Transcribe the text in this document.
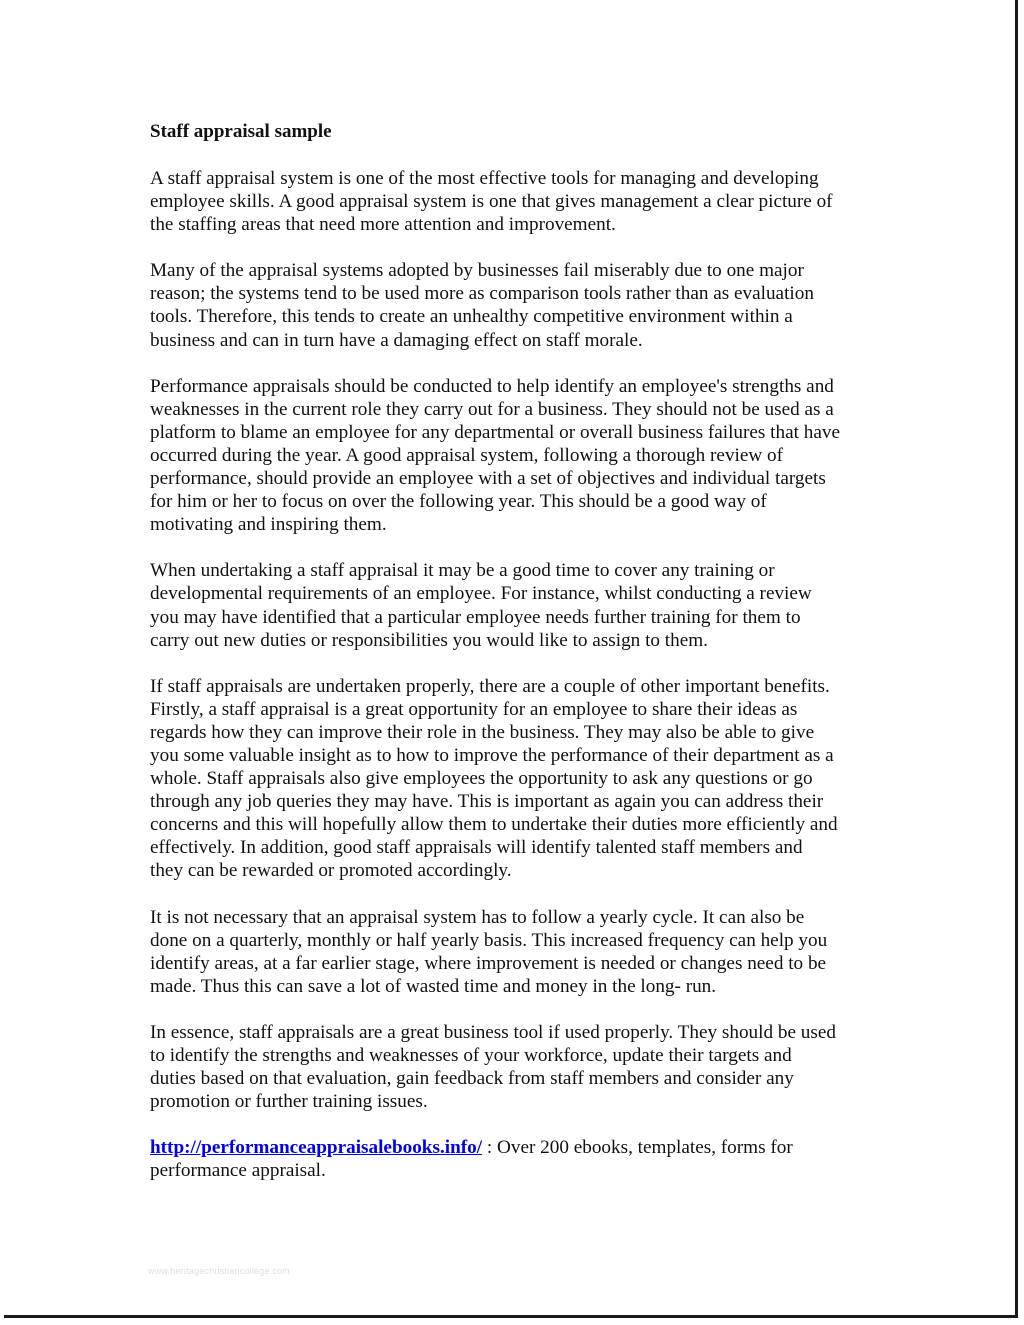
Staff appraisal sample

A staff appraisal system is one of the most effective tools for managing and developing
employee skills. A good appraisal system is one that gives management a clear picture of
the staffing areas that need more attention and improvement.

Many of the appraisal systems adopted by businesses fail miserably due to one major
reason; the systems tend to be used more as comparison tools rather than as evaluation
tools. Therefore, this tends to create an unhealthy competitive environment within a
business and can in turn have a damaging effect on staff morale.

Performance appraisals should be conducted to help identify an employee's strengths and
weaknesses in the current role they carry out for a business. They should not be used as a
platform to blame an employee for any departmental or overall business failures that have
occurred during the year. A good appraisal system, following a thorough review of
performance, should provide an employee with a set of objectives and individual targets
for him or her to focus on over the following year. This should be a good way of
motivating and inspiring them.

When undertaking a staff appraisal it may be a good time to cover any training or
developmental requirements of an employee. For instance, whilst conducting a review
you may have identified that a particular employee needs further training for them to
carry out new duties or responsibilities you would like to assign to them.

If staff appraisals are undertaken properly, there are a couple of other important benefits.
Firstly, a staff appraisal is a great opportunity for an employee to share their ideas as
regards how they can improve their role in the business. They may also be able to give
you some valuable insight as to how to improve the performance of their department as a
whole. Staff appraisals also give employees the opportunity to ask any questions or go
through any job queries they may have. This is important as again you can address their
concerns and this will hopefully allow them to undertake their duties more efficiently and
effectively. In addition, good staff appraisals will identify talented staff members and
they can be rewarded or promoted accordingly.

It is not necessary that an appraisal system has to follow a yearly cycle. It can also be
done on a quarterly, monthly or half yearly basis. This increased frequency can help you
identify areas, at a far earlier stage, where improvement is needed or changes need to be
made. Thus this can save a lot of wasted time and money in the long- run.

In essence, staff appraisals are a great business tool if used properly. They should be used
to identify the strengths and weaknesses of your workforce, update their targets and
duties based on that evaluation, gain feedback from staff members and consider any
promotion or further training issues.

http://performanceappraisalebooks.info/ : Over 200 ebooks, templates, forms for
performance appraisal.

www.heritagechristiancollege.com
